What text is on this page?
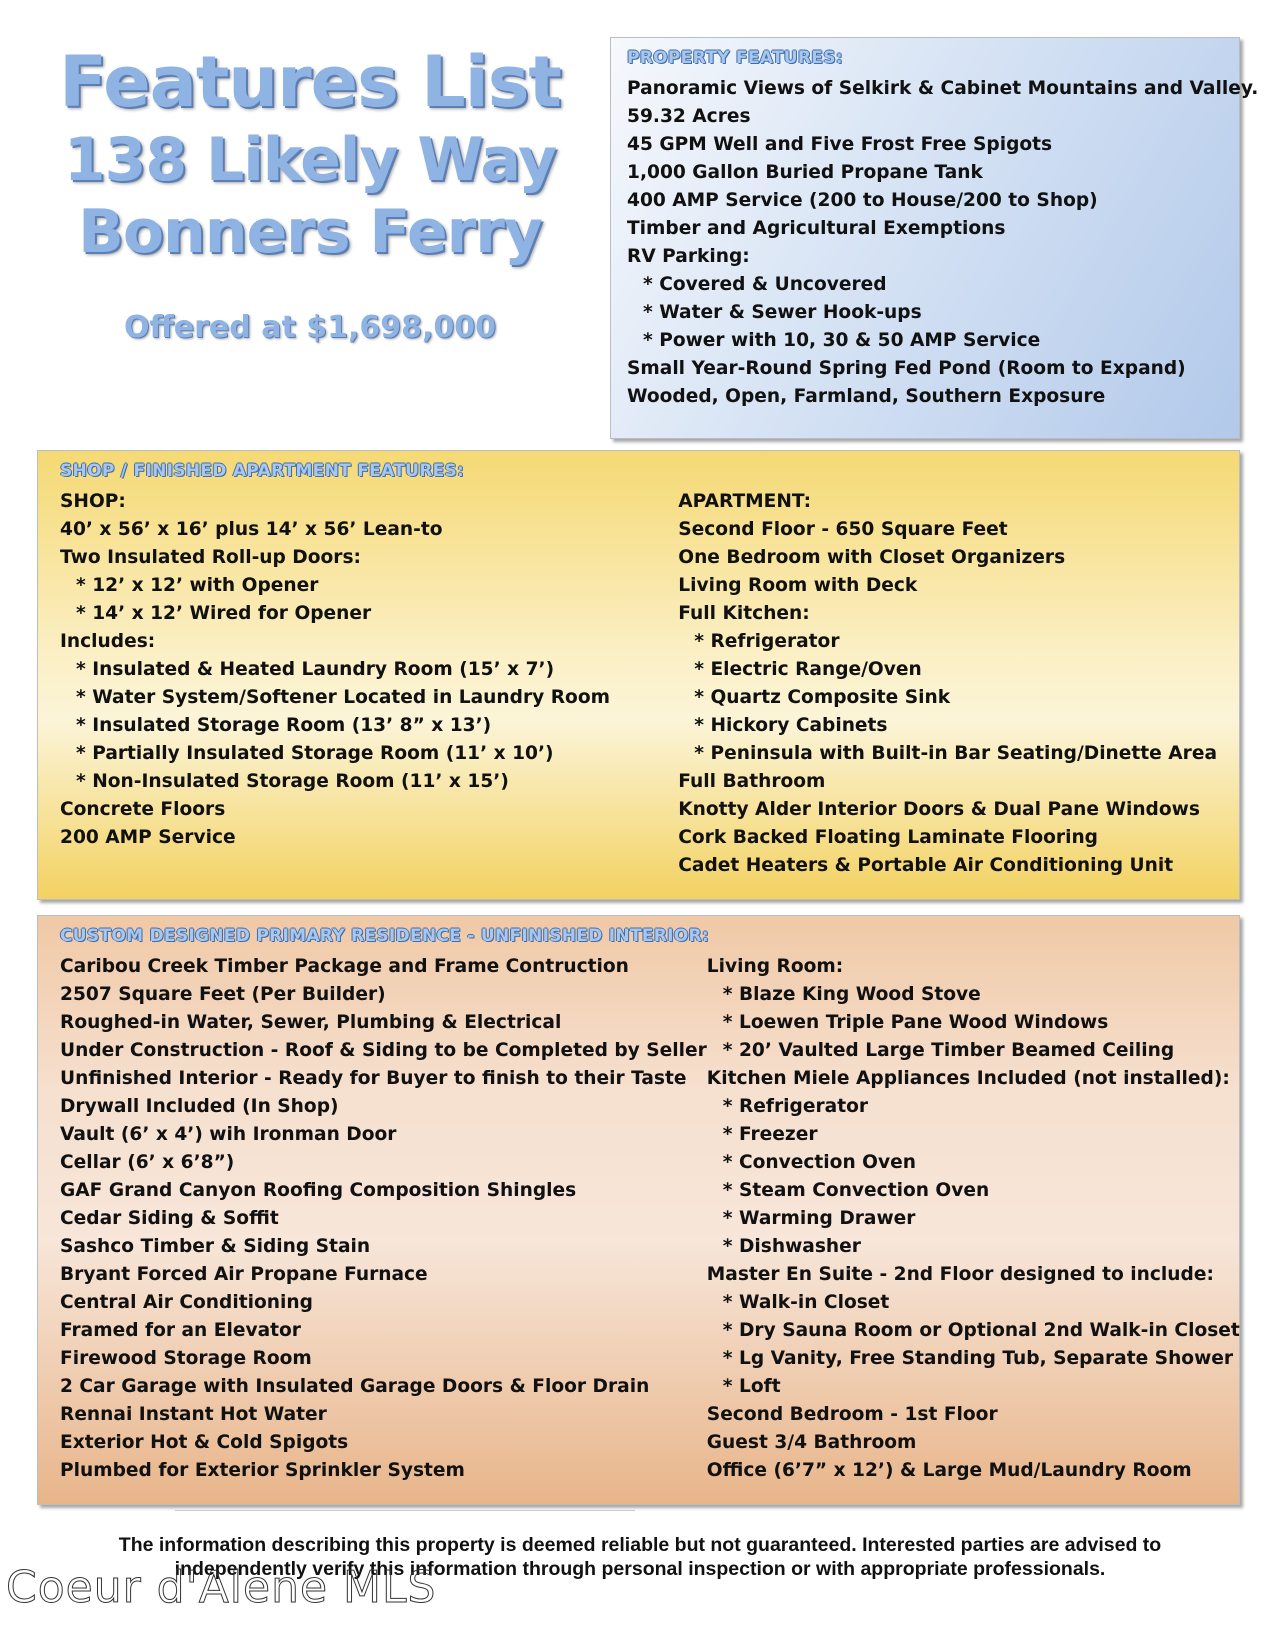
Features List
138 Likely Way
Bonners Ferry
Offered at $1,698,000
PROPERTY FEATURES:
Panoramic Views of Selkirk & Cabinet Mountains and Valley.
59.32 Acres
45 GPM Well and Five Frost Free Spigots
1,000 Gallon Buried Propane Tank
400 AMP Service (200 to House/200 to Shop)
Timber and Agricultural Exemptions
RV Parking:
* Covered & Uncovered
* Water & Sewer Hook-ups
* Power with 10, 30 & 50 AMP Service
Small Year-Round Spring Fed Pond (Room to Expand)
Wooded, Open, Farmland, Southern Exposure
SHOP / FINISHED APARTMENT FEATURES:
SHOP:
40’ x 56’ x 16’ plus 14’ x 56’ Lean-to
Two Insulated Roll-up Doors:
* 12’ x 12’ with Opener
* 14’ x 12’ Wired for Opener
Includes:
* Insulated & Heated Laundry Room (15’ x 7’)
* Water System/Softener Located in Laundry Room
* Insulated Storage Room (13’ 8” x 13’)
* Partially Insulated Storage Room (11’ x 10’)
* Non-Insulated Storage Room (11’ x 15’)
Concrete Floors
200 AMP Service
APARTMENT:
Second Floor - 650 Square Feet
One Bedroom with Closet Organizers
Living Room with Deck
Full Kitchen:
* Refrigerator
* Electric Range/Oven
* Quartz Composite Sink
* Hickory Cabinets
* Peninsula with Built-in Bar Seating/Dinette Area
Full Bathroom
Knotty Alder Interior Doors & Dual Pane Windows
Cork Backed Floating Laminate Flooring
Cadet Heaters & Portable Air Conditioning Unit
CUSTOM DESIGNED PRIMARY RESIDENCE - UNFINISHED INTERIOR:
Caribou Creek Timber Package and Frame Contruction
2507 Square Feet (Per Builder)
Roughed-in Water, Sewer, Plumbing & Electrical
Under Construction - Roof & Siding to be Completed by Seller
Unfinished Interior - Ready for Buyer to finish to their Taste
Drywall Included (In Shop)
Vault (6’ x 4’) wih Ironman Door
Cellar (6’ x 6’8”)
GAF Grand Canyon Roofing Composition Shingles
Cedar Siding & Soffit
Sashco Timber & Siding Stain
Bryant Forced Air Propane Furnace
Central Air Conditioning
Framed for an Elevator
Firewood Storage Room
2 Car Garage with Insulated Garage Doors & Floor Drain
Rennai Instant Hot Water
Exterior Hot & Cold Spigots
Plumbed for Exterior Sprinkler System
Living Room:
* Blaze King Wood Stove
* Loewen Triple Pane Wood Windows
* 20’ Vaulted Large Timber Beamed Ceiling
Kitchen Miele Appliances Included (not installed):
* Refrigerator
* Freezer
* Convection Oven
* Steam Convection Oven
* Warming Drawer
* Dishwasher
Master En Suite - 2nd Floor designed to include:
* Walk-in Closet
* Dry Sauna Room or Optional 2nd Walk-in Closet
* Lg Vanity, Free Standing Tub, Separate Shower
* Loft
Second Bedroom - 1st Floor
Guest 3/4 Bathroom
Office (6’7” x 12’) & Large Mud/Laundry Room
The information describing this property is deemed reliable but not guaranteed. Interested parties are advised to independently verify this information through personal inspection or with appropriate professionals.
Coeur d'Alene MLS
